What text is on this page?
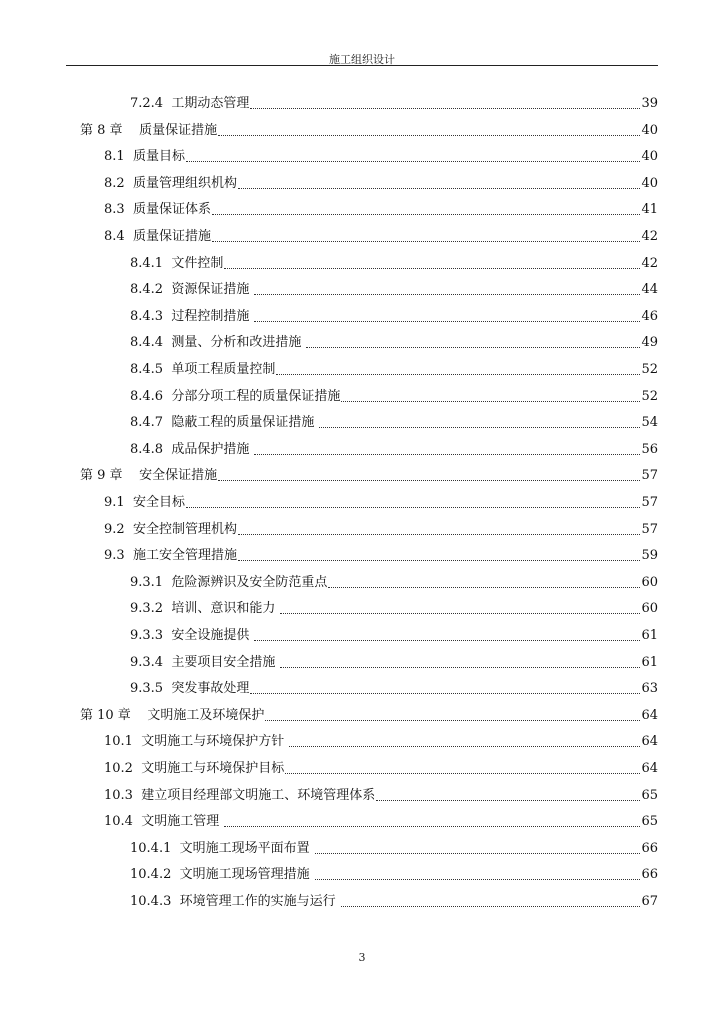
施工组织设计
7.2.4  工期动态管理	39
第 8 章    质量保证措施	40
8.1  质量目标	40
8.2  质量管理组织机构	40
8.3  质量保证体系	41
8.4  质量保证措施	42
8.4.1  文件控制	42
8.4.2  资源保证措施	44
8.4.3  过程控制措施	46
8.4.4  测量、分析和改进措施	49
8.4.5  单项工程质量控制	52
8.4.6  分部分项工程的质量保证措施	52
8.4.7  隐蔽工程的质量保证措施	54
8.4.8  成品保护措施	56
第 9 章    安全保证措施	57
9.1  安全目标	57
9.2  安全控制管理机构	57
9.3  施工安全管理措施	59
9.3.1  危险源辨识及安全防范重点	60
9.3.2  培训、意识和能力	60
9.3.3  安全设施提供	61
9.3.4  主要项目安全措施	61
9.3.5  突发事故处理	63
第 10 章    文明施工及环境保护	64
10.1  文明施工与环境保护方针	64
10.2  文明施工与环境保护目标	64
10.3  建立项目经理部文明施工、环境管理体系	65
10.4  文明施工管理	65
10.4.1  文明施工现场平面布置	66
10.4.2  文明施工现场管理措施	66
10.4.3  环境管理工作的实施与运行	67
3
